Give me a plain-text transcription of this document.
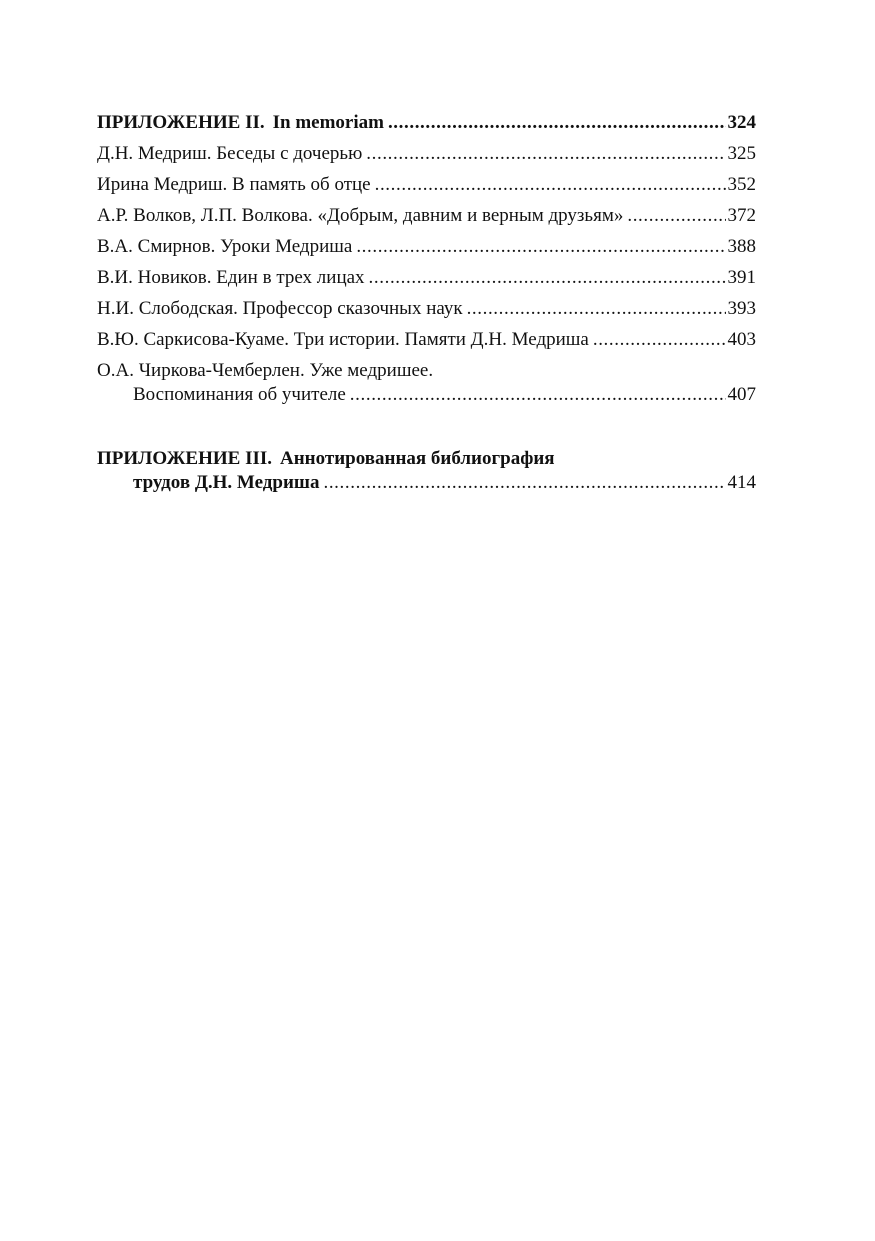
ПРИЛОЖЕНИЕ II. In memoriam .....	324
Д.Н. Медриш. Беседы с дочерью .....	325
Ирина Медриш. В память об отце .....	352
А.Р. Волков, Л.П. Волкова. «Добрым, давним и верным друзьям» .....	372
В.А. Смирнов. Уроки Медриша .....	388
В.И. Новиков. Един в трех лицах .....	391
Н.И. Слободская. Профессор сказочных наук .....	393
В.Ю. Саркисова-Куаме. Три истории. Памяти Д.Н. Медриша .....	403
О.А. Чиркова-Чемберлен. Уже медришее.
Воспоминания об учителе .....	407
ПРИЛОЖЕНИЕ III. Аннотированная библиография
трудов Д.Н. Медриша .....	414
